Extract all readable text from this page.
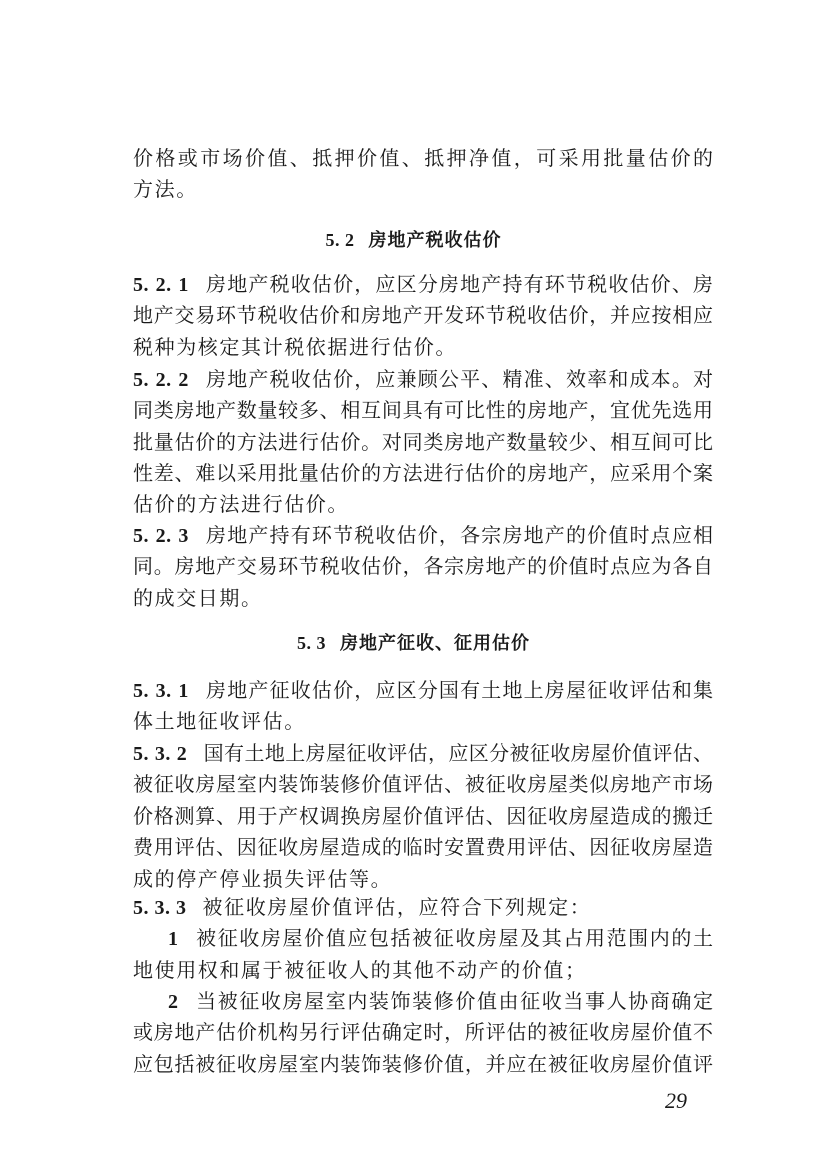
价格或市场价值、抵押价值、抵押净值，可采用批量估价的
方法。
5. 2 房地产税收估价
5. 2. 1 房地产税收估价，应区分房地产持有环节税收估价、房
地产交易环节税收估价和房地产开发环节税收估价，并应按相应
税种为核定其计税依据进行估价。
5. 2. 2 房地产税收估价，应兼顾公平、精准、效率和成本。对
同类房地产数量较多、相互间具有可比性的房地产，宜优先选用
批量估价的方法进行估价。对同类房地产数量较少、相互间可比
性差、难以采用批量估价的方法进行估价的房地产，应采用个案
估价的方法进行估价。
5. 2. 3 房地产持有环节税收估价，各宗房地产的价值时点应相
同。房地产交易环节税收估价，各宗房地产的价值时点应为各自
的成交日期。
5. 3 房地产征收、征用估价
5. 3. 1 房地产征收估价，应区分国有土地上房屋征收评估和集
体土地征收评估。
5. 3. 2 国有土地上房屋征收评估，应区分被征收房屋价值评估、
被征收房屋室内装饰装修价值评估、被征收房屋类似房地产市场
价格测算、用于产权调换房屋价值评估、因征收房屋造成的搬迁
费用评估、因征收房屋造成的临时安置费用评估、因征收房屋造
成的停产停业损失评估等。
5. 3. 3 被征收房屋价值评估，应符合下列规定：
1 被征收房屋价值应包括被征收房屋及其占用范围内的土
地使用权和属于被征收人的其他不动产的价值；
2 当被征收房屋室内装饰装修价值由征收当事人协商确定
或房地产估价机构另行评估确定时，所评估的被征收房屋价值不
应包括被征收房屋室内装饰装修价值，并应在被征收房屋价值评
29
